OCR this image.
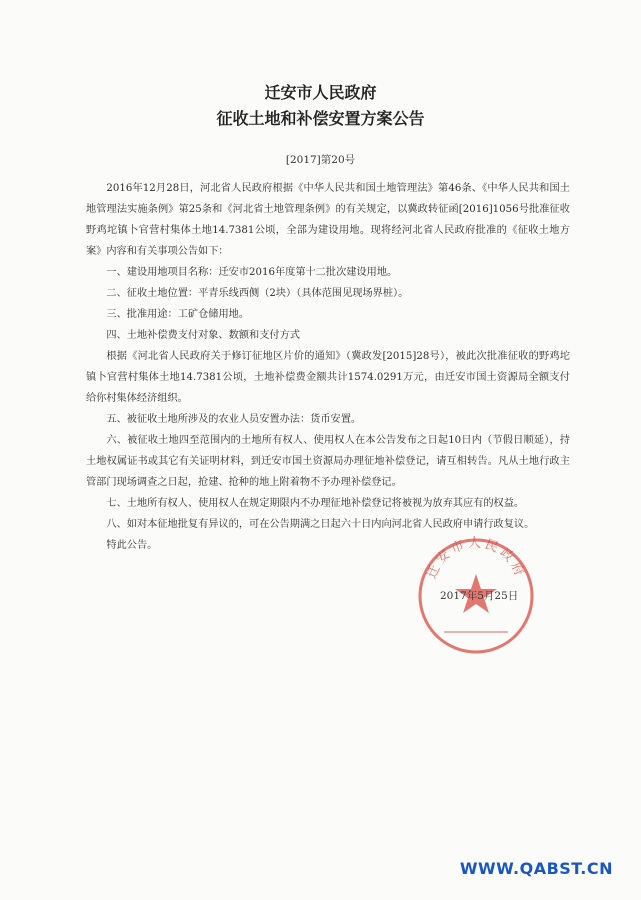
迁安市人民政府
征收土地和补偿安置方案公告
[2017]第20号

2016年12月28日，河北省人民政府根据《中华人民共和国土地管理法》第46条、《中华人民共和国土地管理法实施条例》第25条和《河北省土地管理条例》的有关规定，以冀政转征函[2016]1056号批准征收野鸡坨镇卜官营村集体土地14.7381公顷，全部为建设用地。现将经河北省人民政府批准的《征收土地方案》内容和有关事项公告如下：

一、建设用地项目名称：迁安市2016年度第十二批次建设用地。

二、征收土地位置：平青乐线西侧（2块）（具体范围见现场界桩）。

三、批准用途：工矿仓储用地。

四、土地补偿费支付对象、数额和支付方式

根据《河北省人民政府关于修订征地区片价的通知》（冀政发[2015]28号），被此次批准征收的野鸡坨镇卜官营村集体土地14.7381公顷，土地补偿费金额共计1574.0291万元，由迁安市国土资源局全额支付给你村集体经济组织。

五、被征收土地所涉及的农业人员安置办法：货币安置。

六、被征收土地四至范围内的土地所有权人、使用权人在本公告发布之日起10日内（节假日顺延），持土地权属证书或其它有关证明材料，到迁安市国土资源局办理征地补偿登记，请互相转告。凡从土地行政主管部门现场调查之日起，抢建、抢种的地上附着物不予办理补偿登记。

七、土地所有权人、使用权人在规定期限内不办理征地补偿登记将被视为放弃其应有的权益。

八、如对本征地批复有异议的，可在公告期满之日起六十日内向河北省人民政府申请行政复议。

特此公告。

迁安市人民政府
2017年5月25日
WWW.QABST.CN
